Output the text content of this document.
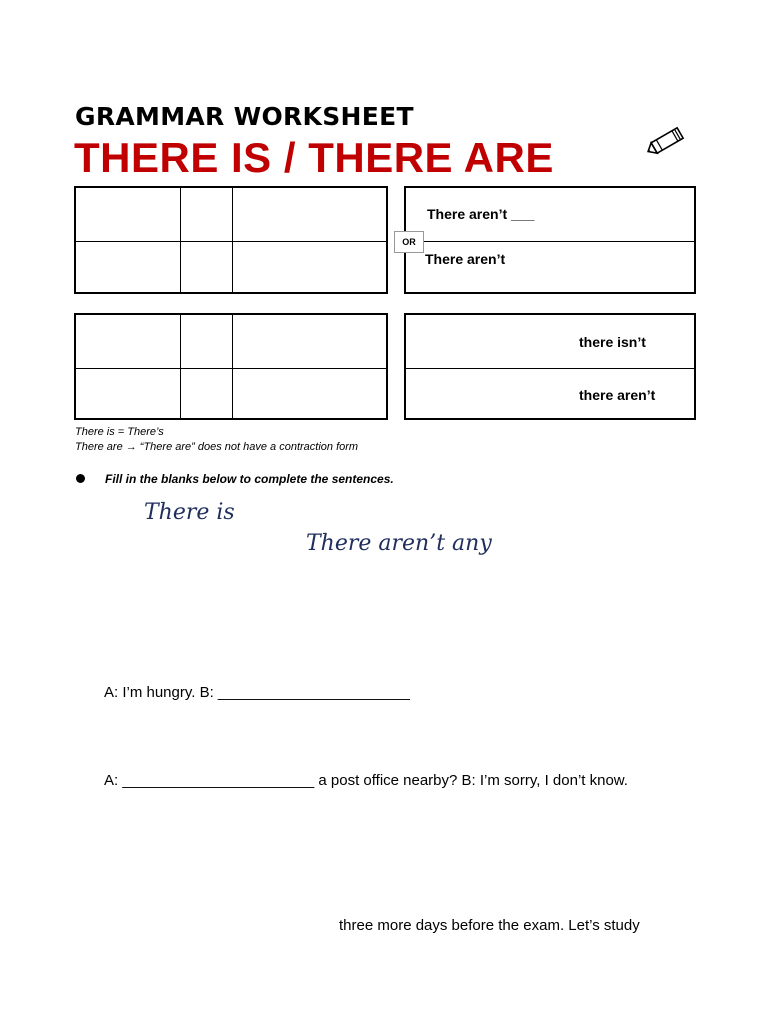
GRAMMAR WORKSHEET
THERE IS / THERE ARE
There aren’t ___
There aren’t
OR
there isn’t
there aren’t
There is = There’s
There are → “There are” does not have a contraction form
Fill in the blanks below to complete the sentences.
There is
There aren’t any
A: I’m hungry. B: _______________________
A: _______________________ a post office nearby? B: I’m sorry, I don’t know.
three more days before the exam. Let’s study
